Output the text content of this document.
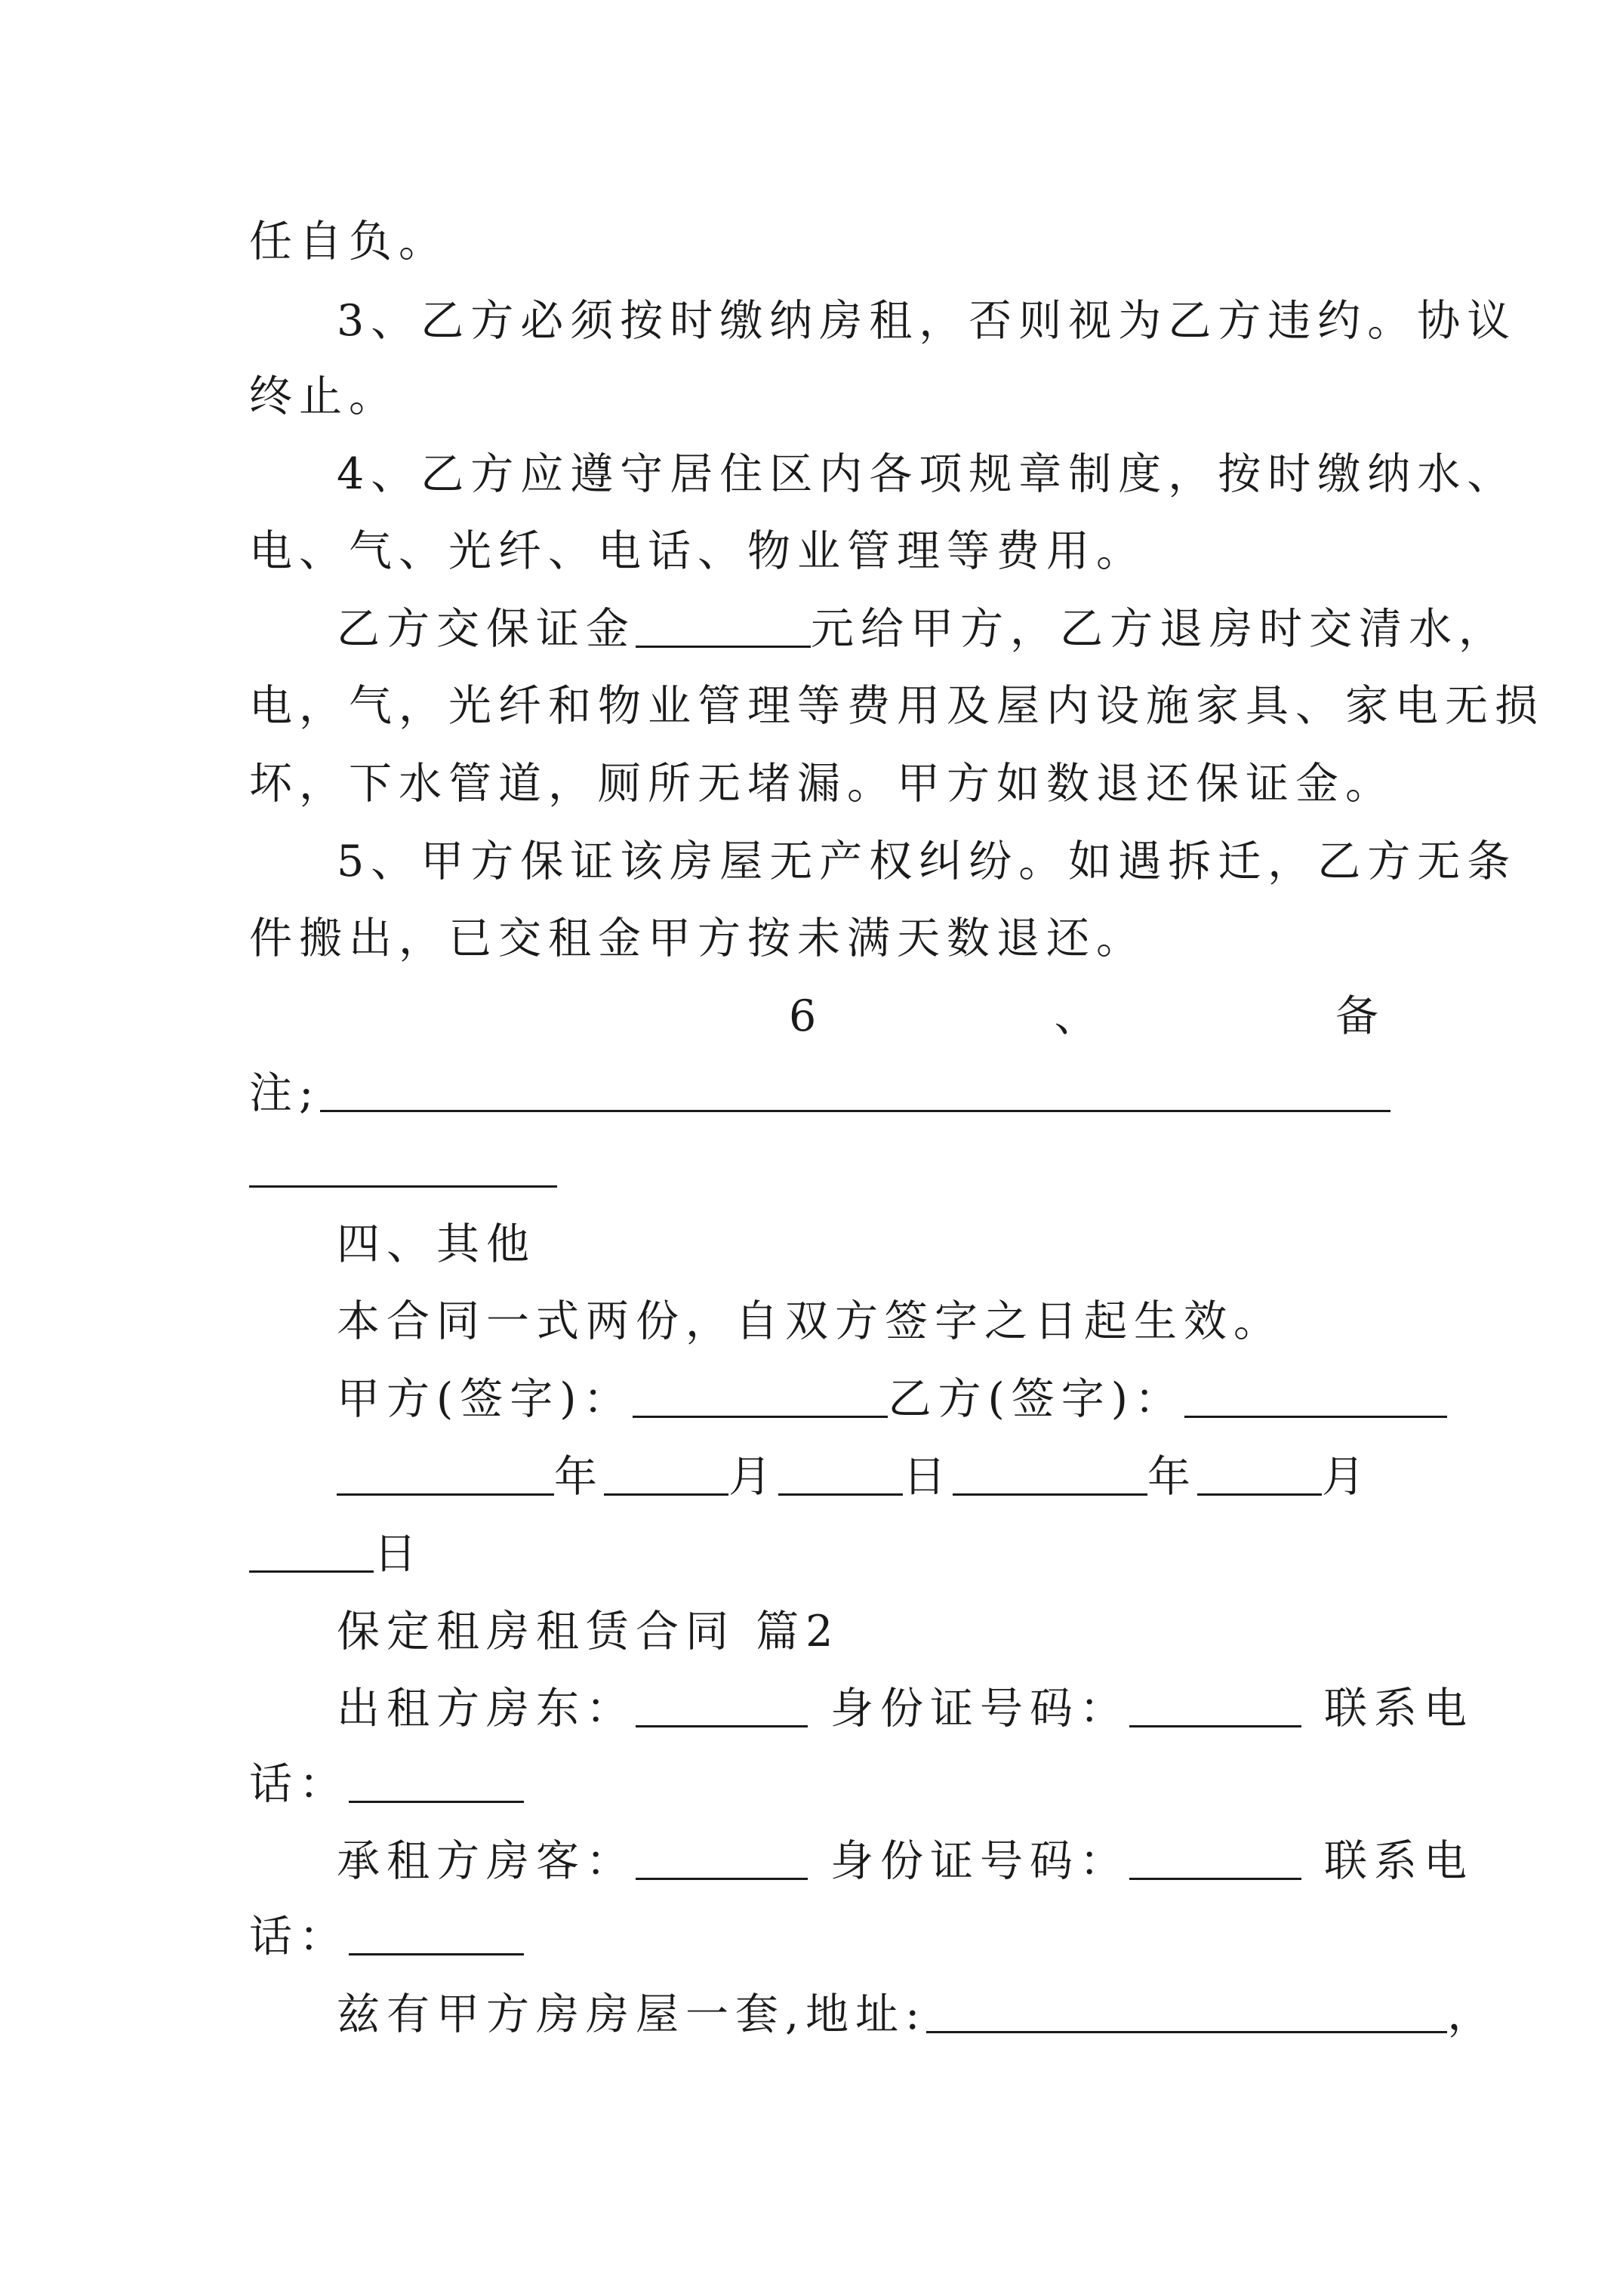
任自负。
3、乙方必须按时缴纳房租，否则视为乙方违约。协议
终止。
4、乙方应遵守居住区内各项规章制度，按时缴纳水、
电、气、光纤、电话、物业管理等费用。
乙方交保证金	元给甲方，乙方退房时交清水，
电，气，光纤和物业管理等费用及屋内设施家具、家电无损
坏，下水管道，厕所无堵漏。甲方如数退还保证金。
5、甲方保证该房屋无产权纠纷。如遇拆迁，乙方无条
件搬出，已交租金甲方按未满天数退还。
6	、	备
注;
四、其他
本合同一式两份，自双方签字之日起生效。
甲方(签字)：	乙方(签字)：
年	月	日	年	月
日
保定租房租赁合同 篇2
出租方房东：	身份证号码：	联系电
话：
承租方房客：	身份证号码：	联系电
话：
兹有甲方房房屋一套,地址:	，
